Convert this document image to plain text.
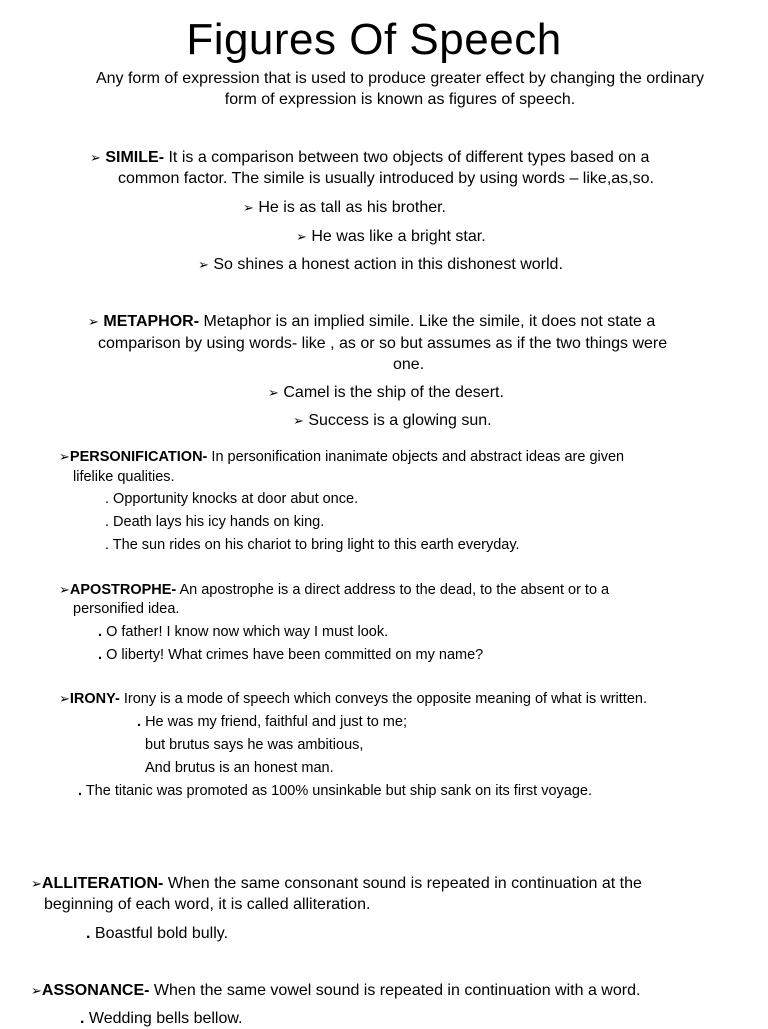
Figures Of Speech
Any form of expression that is used to produce greater effect by changing the ordinary form of expression is known as figures of speech.
➢ SIMILE- It is a comparison between two objects of different types based on a
common factor. The simile is usually introduced by using words – like,as,so.
➢ He is as tall as his brother.
➢ He was like a bright star.
➢ So shines a honest action in this dishonest world.
➢ METAPHOR- Metaphor is an implied simile. Like the simile, it does not state a
comparison by using words- like , as or so but assumes as if the two things were
one.
➢ Camel is the ship of the desert.
➢ Success is a glowing sun.
➢PERSONIFICATION- In personification inanimate objects and abstract ideas are given
lifelike qualities.
. Opportunity knocks at door abut once.
. Death lays his icy hands on king.
. The sun rides on his chariot to bring light to this earth everyday.
➢APOSTROPHE- An apostrophe is a direct address to the dead, to the absent or to a
personified idea.
. O father! I know now which way I must look.
. O liberty! What crimes have been committed on my name?
➢IRONY- Irony is a mode of speech which conveys the opposite meaning of what is written.
. He was my friend, faithful and just to me;
but brutus says he was ambitious,
And brutus is an honest man.
. The titanic was promoted as 100% unsinkable but ship sank on its first voyage.
➢ALLITERATION- When the same consonant sound is repeated in continuation at the
beginning of each word, it is called alliteration.
. Boastful bold bully.
➢ASSONANCE- When the same vowel sound is repeated in continuation with a word.
. Wedding bells bellow.
